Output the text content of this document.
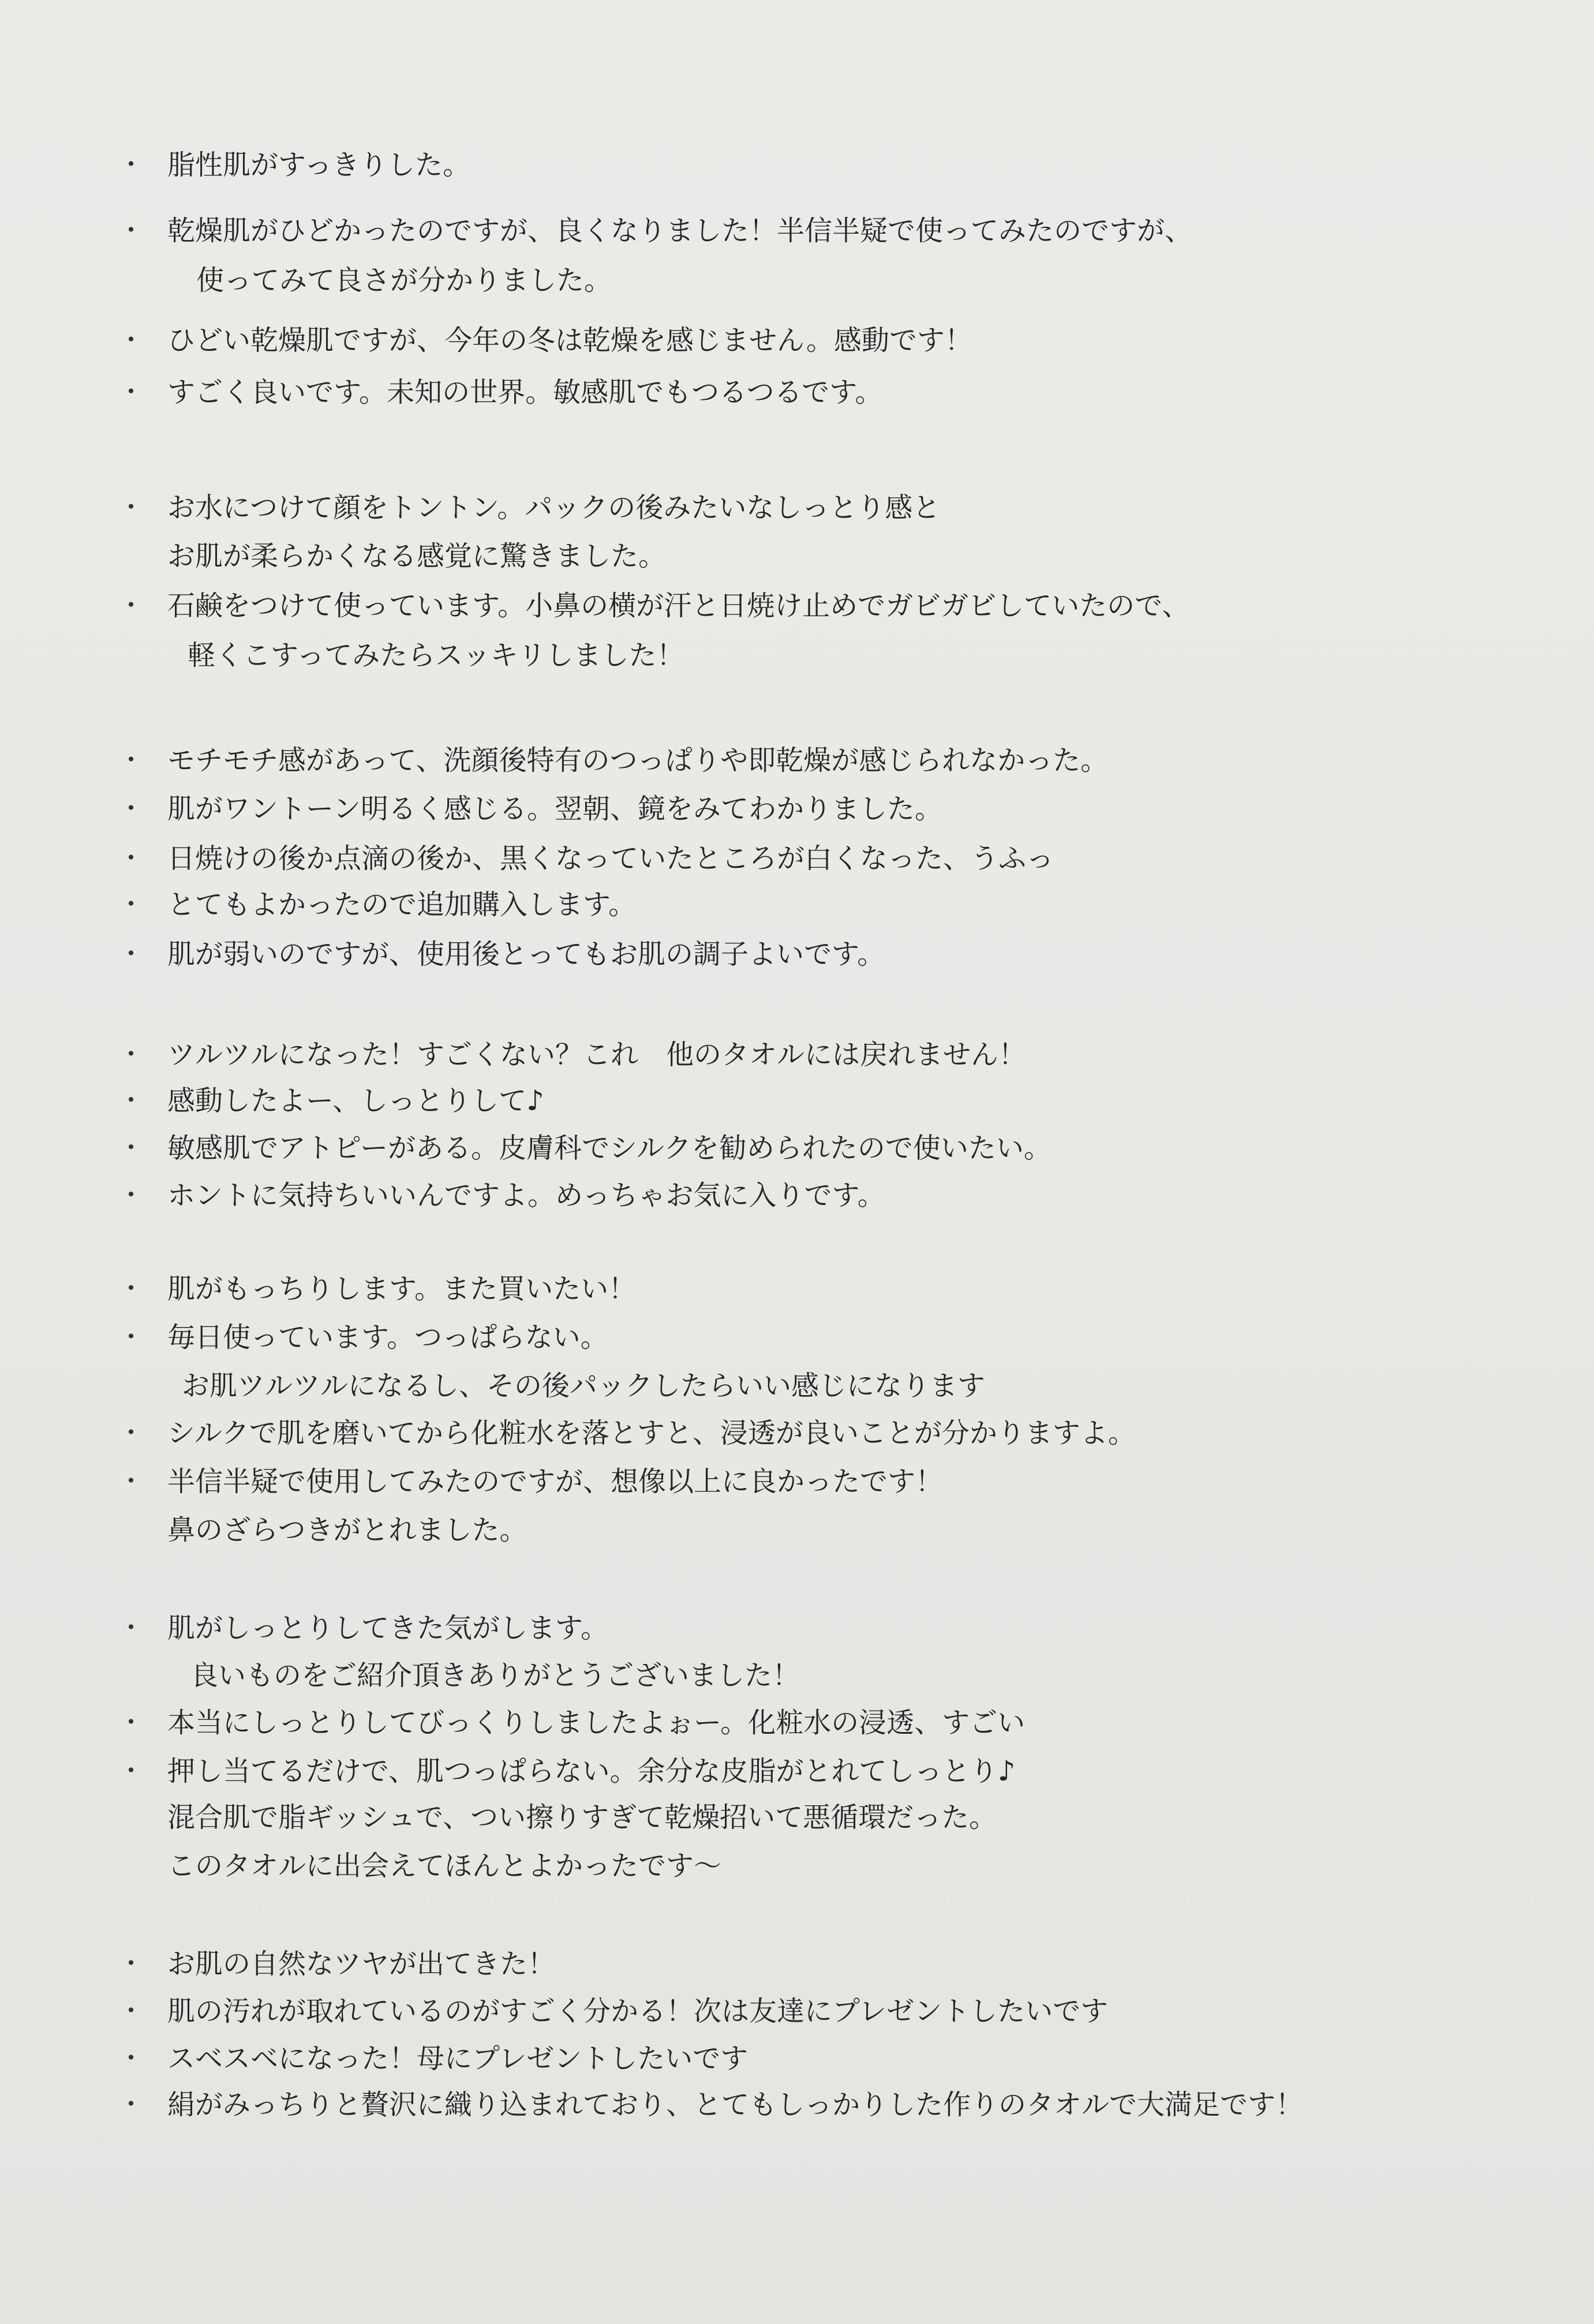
・ 脂性肌がすっきりした。
・ 乾燥肌がひどかったのですが、良くなりました！半信半疑で使ってみたのですが、
使ってみて良さが分かりました。
・ ひどい乾燥肌ですが、今年の冬は乾燥を感じません。感動です！
・ すごく良いです。未知の世界。敏感肌でもつるつるです。
・ お水につけて顔をトントン。パックの後みたいなしっとり感と
お肌が柔らかくなる感覚に驚きました。
・ 石鹸をつけて使っています。小鼻の横が汗と日焼け止めでガビガビしていたので、
軽くこすってみたらスッキリしました！
・ モチモチ感があって、洗顔後特有のつっぱりや即乾燥が感じられなかった。
・ 肌がワントーン明るく感じる。翌朝、鏡をみてわかりました。
・ 日焼けの後か点滴の後か、黒くなっていたところが白くなった、うふっ
・ とてもよかったので追加購入します。
・ 肌が弱いのですが、使用後とってもお肌の調子よいです。
・ ツルツルになった！すごくない？これ　他のタオルには戻れません！
・ 感動したよー、しっとりして♪
・ 敏感肌でアトピーがある。皮膚科でシルクを勧められたので使いたい。
・ ホントに気持ちいいんですよ。めっちゃお気に入りです。
・ 肌がもっちりします。また買いたい！
・ 毎日使っています。つっぱらない。
お肌ツルツルになるし、その後パックしたらいい感じになります
・ シルクで肌を磨いてから化粧水を落とすと、浸透が良いことが分かりますよ。
・ 半信半疑で使用してみたのですが、想像以上に良かったです！
鼻のざらつきがとれました。
・ 肌がしっとりしてきた気がします。
良いものをご紹介頂きありがとうございました！
・ 本当にしっとりしてびっくりしましたよぉー。化粧水の浸透、すごい
・ 押し当てるだけで、肌つっぱらない。余分な皮脂がとれてしっとり♪
混合肌で脂ギッシュで、つい擦りすぎて乾燥招いて悪循環だった。
このタオルに出会えてほんとよかったです～
・ お肌の自然なツヤが出てきた！
・ 肌の汚れが取れているのがすごく分かる！次は友達にプレゼントしたいです
・ スベスベになった！母にプレゼントしたいです
・ 絹がみっちりと贅沢に織り込まれており、とてもしっかりした作りのタオルで大満足です！
